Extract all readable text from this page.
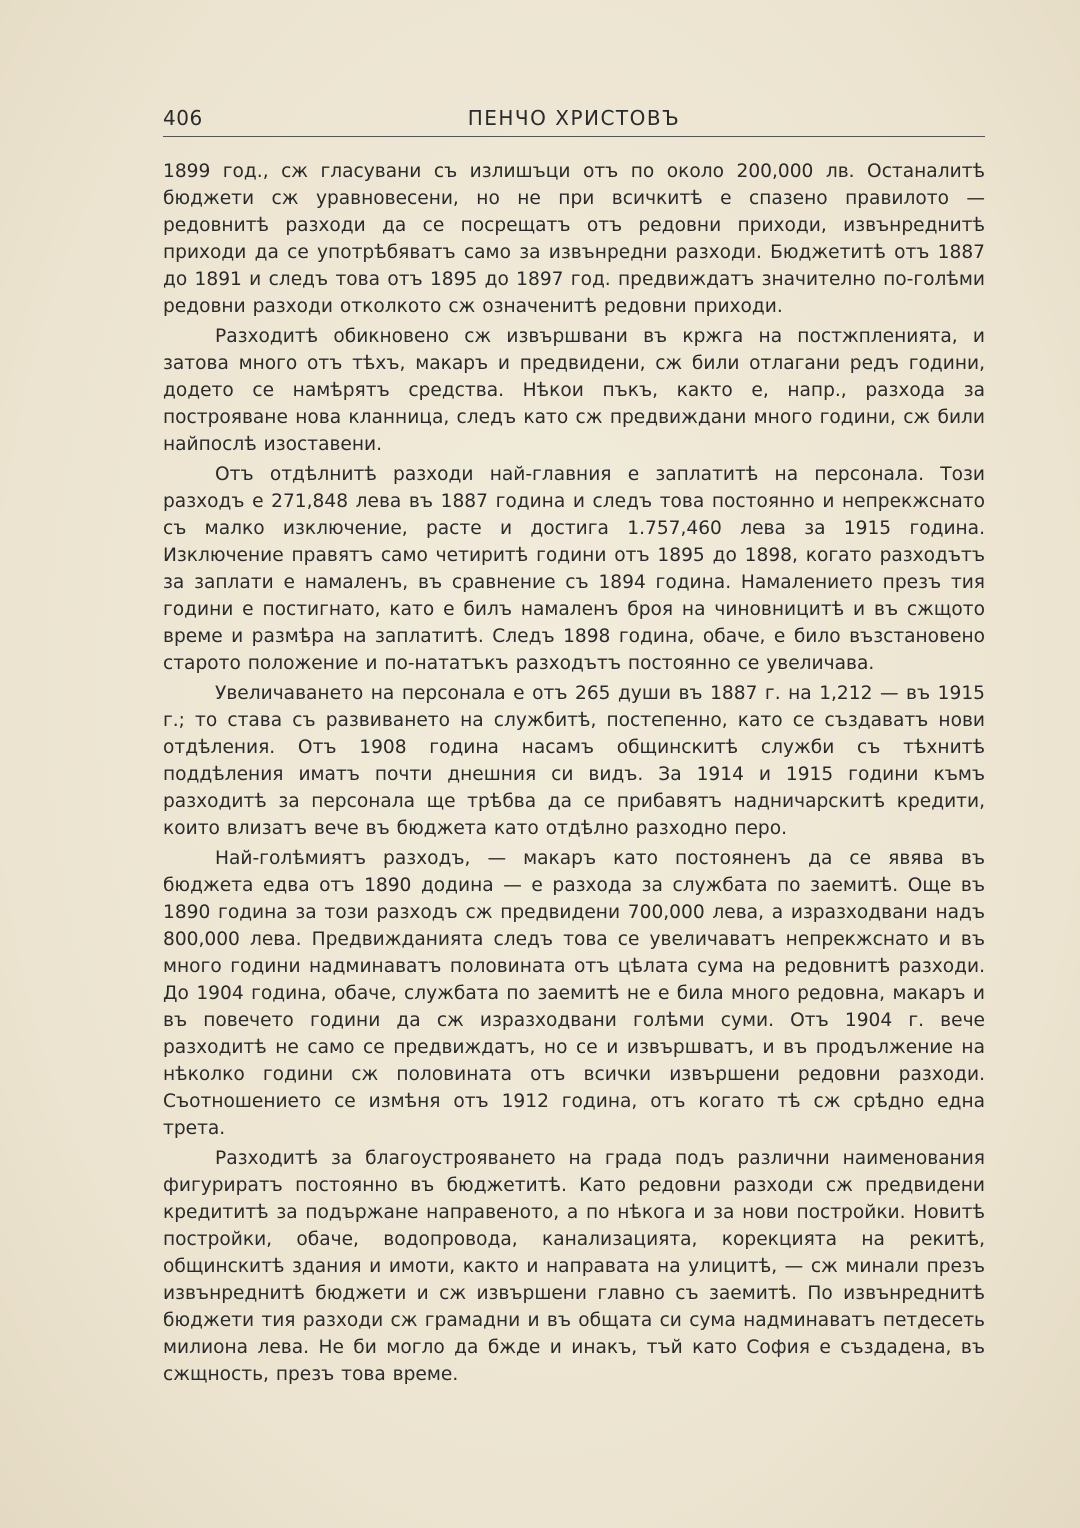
406	ПЕНЧО ХРИСТОВЪ

1899 год., сж гласувани съ излишъци отъ по около 200,000 лв. Останалитѣ бюджети сж уравновесени, но не при всичкитѣ е спазено правилото — редовнитѣ разходи да се посрещатъ отъ редовни приходи, извънреднитѣ приходи да се употрѣбяватъ само за извънредни разходи. Бюджетитѣ отъ 1887 до 1891 и следъ това отъ 1895 до 1897 год. предвиждатъ значително по-голѣми редовни разходи отколкото сж означенитѣ редовни приходи.

Разходитѣ обикновено сж извършвани въ кржга на постжпленията, и затова много отъ тѣхъ, макаръ и предвидени, сж били отлагани редъ години, додето се намѣрятъ средства. Нѣкои пъкъ, както е, напр., разхода за построяване нова кланница, следъ като сж предвиждани много години, сж били найпослѣ изоставени.

Отъ отдѣлнитѣ разходи най-главния е заплатитѣ на персонала. Този разходъ е 271,848 лева въ 1887 година и следъ това постоянно и непрекжснато съ малко изключение, расте и достига 1.757,460 лева за 1915 година. Изключение правятъ само четиритѣ години отъ 1895 до 1898, когато разходътъ за заплати е намаленъ, въ сравнение съ 1894 година. Намалението презъ тия години е постигнато, като е билъ намаленъ броя на чиновницитѣ и въ сжщото време и размѣра на заплатитѣ. Следъ 1898 година, обаче, е било възстановено старото положение и по-нататъкъ разходътъ постоянно се увеличава.

Увеличаването на персонала е отъ 265 души въ 1887 г. на 1,212 — въ 1915 г.; то става съ развиването на службитѣ, постепенно, като се създаватъ нови отдѣления. Отъ 1908 година насамъ общинскитѣ служби съ тѣхнитѣ поддѣления иматъ почти днешния си видъ. За 1914 и 1915 години къмъ разходитѣ за персонала ще трѣбва да се прибавятъ надничарскитѣ кредити, които влизатъ вече въ бюджета като отдѣлно разходно перо.

Най-голѣмиятъ разходъ, — макаръ като постояненъ да се явява въ бюджета едва отъ 1890 додина — е разхода за службата по заемитѣ. Още въ 1890 година за този разходъ сж предвидени 700,000 лева, а изразходвани надъ 800,000 лева. Предвижданията следъ това се увеличаватъ непрекжснато и въ много години надминаватъ половината отъ цѣлата сума на редовнитѣ разходи. До 1904 година, обаче, службата по заемитѣ не е била много редовна, макаръ и въ повечето години да сж изразходвани голѣми суми. Отъ 1904 г. вече разходитѣ не само се предвиждатъ, но се и извършватъ, и въ продължение на нѣколко години сж половината отъ всички извършени редовни разходи. Съотношението се измѣня отъ 1912 година, отъ когато тѣ сж срѣдно една трета.

Разходитѣ за благоустрояването на града подъ различни наименования фигуриратъ постоянно въ бюджетитѣ. Като редовни разходи сж предвидени кредититѣ за подържане направеното, а по нѣкога и за нови постройки. Новитѣ постройки, обаче, водопровода, канализацията, корекцията на рекитѣ, общинскитѣ здания и имоти, както и направата на улицитѣ, — сж минали презъ извънреднитѣ бюджети и сж извършени главно съ заемитѣ. По извънреднитѣ бюджети тия разходи сж грамадни и въ общата си сума надминаватъ петдесеть милиона лева. Не би могло да бжде и инакъ, тъй като София е създадена, въ сжщность, презъ това време.
